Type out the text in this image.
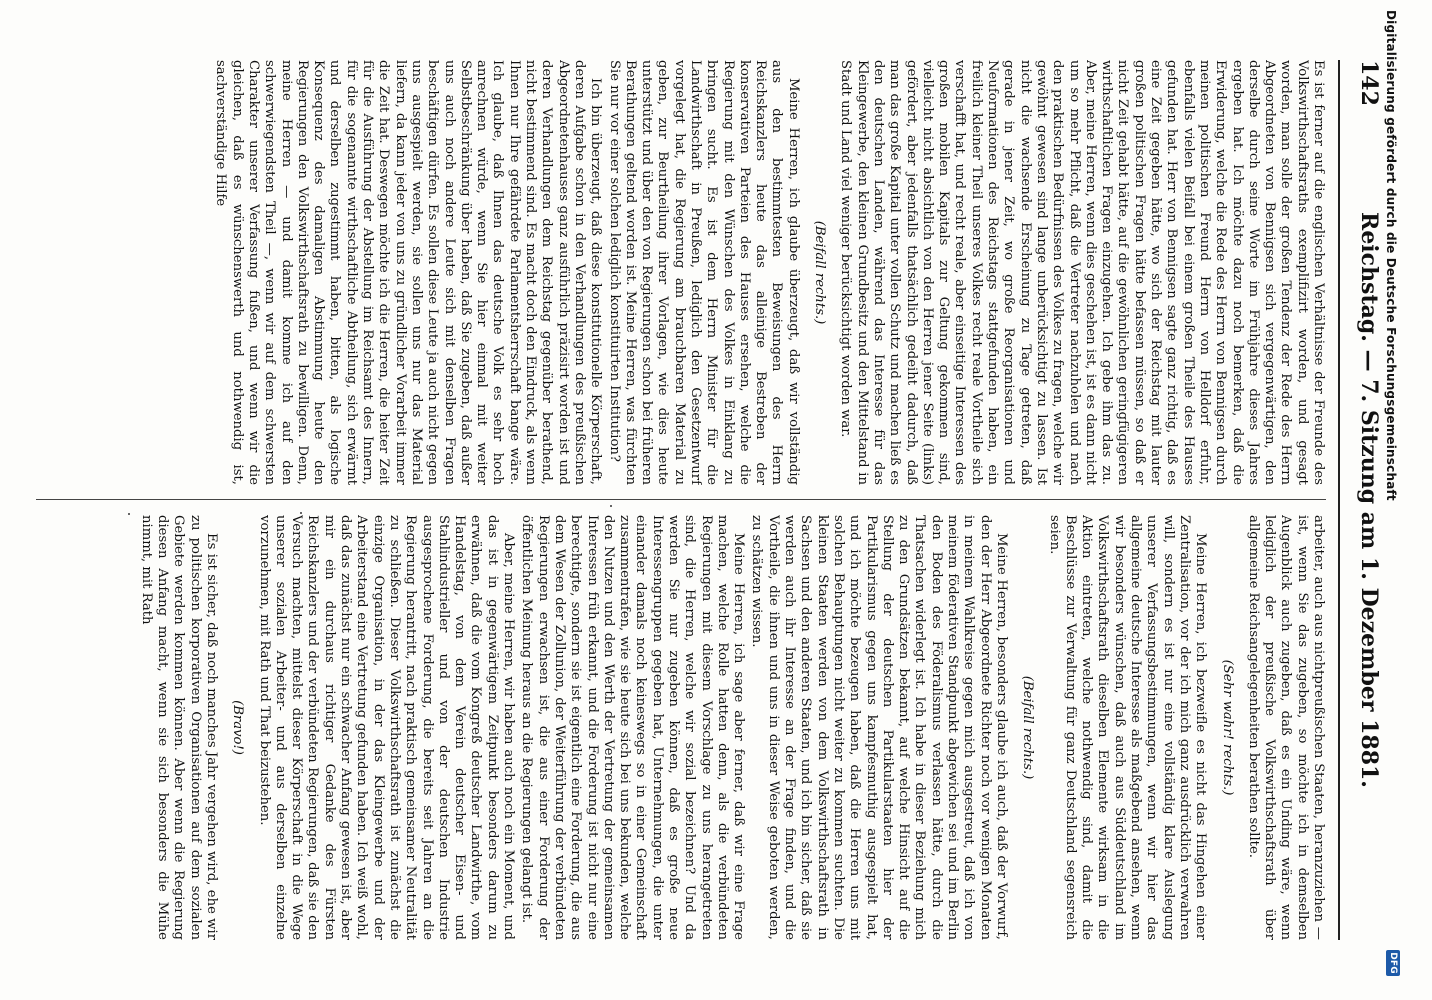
142
Reichstag. — 7. Sitzung am 1. Dezember 1881.

Es ist ferner auf die englischen Verhältnisse der Freunde des Volkswirthschaftsraths exemplifizirt worden, und gesagt worden, man solle der großen Tendenz der Rede des Herrn Abgeordneten von Bennigsen sich vergegenwärtigen, den derselbe durch seine Worte im Frühjahre dieses Jahres ergeben hat. Ich möchte dazu noch bemerken, daß die Erwiderung, welche die Rede des Herrn von Bennigsen durch meinen politischen Freund Herrn von Helldorf erfuhr, ebenfalls vielen Beifall bei einem großen Theile des Hauses gefunden hat. Herr von Bennigsen sagte ganz richtig, daß es eine Zeit gegeben hätte, wo sich der Reichstag mit lauter großen politischen Fragen hätte befassen müssen, so daß er nicht Zeit gehabt hätte, auf die gewöhnlichen geringfügigeren wirthschaftlichen Fragen einzugehen. Ich gebe ihm das zu. Aber, meine Herren, wenn dies geschehen ist, ist es dann nicht um so mehr Pflicht, daß die Vertreter nachzuholen und nach den praktischen Bedürfnissen des Volkes zu fragen, welche wir gewöhnt gewesen sind lange unberücksichtigt zu lassen. Ist nicht die wachsende Erscheinung zu Tage getreten, daß gerade in jener Zeit, wo große Reorganisationen und Neuformationen des Reichstags stattgefunden haben, ein freilich kleiner Theil unseres Volkes recht reale Vortheile sich verschafft hat, und recht reale, aber einseitige Interessen des großen mobilen Kapitals zur Geltung gekommen sind, vielleicht nicht absichtlich von den Herren jener Seite (links) gefördert, aber jedenfalls thatsächlich gedeiht dadurch, daß man das große Kapital unter vollen Schutz und machen ließ es den deutschen Landen, während das Interesse für das Kleingewerbe, den kleinen Grundbesitz und den Mittelstand in Stadt und Land viel weniger berücksichtigt worden war.

(Beifall rechts.)

Meine Herren, ich glaube überzeugt, daß wir vollständig aus den bestimmtesten Beweisungen des Herrn Reichskanzlers heute das alleinige Bestreben der konservativen Parteien des Hauses ersehen, welche die Regierung mit den Wünschen des Volkes in Einklang zu bringen sucht. Es ist dem Herrn Minister für die Landwirthschaft in Preußen, lediglich den Gesetzentwurf vorgelegt hat, die Regierung am brauchbaren Material zu geben, zur Beurtheilung ihrer Vorlagen, wie dies heute unterstützt und über den von Regierungen schon bei früheren Berathungen geltend worden ist. Meine Herren, was fürchten Sie nur vor einer solchen lediglich konstituirten Institution?

Ich bin überzeugt, daß diese konstitutionelle Körperschaft, deren Aufgabe schon in den Verhandlungen des preußischen Abgeordnetenhauses ganz ausführlich präzisirt worden ist und deren Verhandlungen dem Reichstag gegenüber berathend, nicht bestimmend sind. Es macht doch den Eindruck, als wenn Ihnen nur Ihre gefährdete Parlamentsherrschaft bange wäre. Ich glaube, daß Ihnen das deutsche Volk es sehr hoch anrechnen würde, wenn Sie hier einmal mit weiter Selbstbeschränkung über haben, daß Sie zugeben, daß außer uns auch noch andere Leute sich mit denselben Fragen beschäftigen dürfen. Es sollen diese Leute ja auch nicht gegen uns ausgespielt werden, sie sollen uns nur das Material liefern, da kann jeder von uns zu gründlicher Vorarbeit immer die Zeit hat. Deswegen möchte ich die Herren, die heiter Zeit für die Ausführung der Abstellung im Reichsamt des Innern, für die sogenannte wirthschaftliche Abtheilung, sich erwärmt und derselben zugestimmt haben, bitten, als logische Konsequenz des damaligen Abstimmung heute den Regierungen den Volkswirthschaftsrath zu bewilligen. Denn, meine Herren — und damit komme ich auf den schwerwiegendsten Theil —, wenn wir auf dem schwersten Charakter unserer Verfassung fußen, und wenn wir die gleichen, daß es wünschenswerth und nothwendig ist, sachverständige Hilfe

arbeiter, auch aus nichtpreußischen Staaten, heranzuziehen — ist, wenn Sie das zugeben, so möchte ich in demselben Augenblick auch zugeben, daß es ein Unding wäre, wenn lediglich der preußische Volkswirthschaftsrath über allgemeine Reichsangelegenheiten berathen sollte.

(Sehr wahr! rechts.)

Meine Herren, ich bezweifle es nicht das Hingehen einer Zentralisation, vor der ich mich ganz ausdrücklich verwahren will, sondern es ist nur eine vollständig klare Auslegung unserer Verfassungsbestimmungen, wenn wir hier das allgemeine deutsche Interesse als maßgebend ansehen, wenn wir besonders wünschen, daß auch aus Süddeutschland im Volkswirthschaftsrath dieselben Elemente wirksam in die Aktion eintreten, welche nothwendig sind, damit die Beschlüsse zur Verwaltung für ganz Deutschland segensreich seien.

(Beifall rechts.)

Meine Herren, besonders glaube ich auch, daß der Vorwurf, den der Herr Abgeordnete Richter noch vor wenigen Monaten in meinem Wahlkreise gegen mich ausgestreut, daß ich von meinem föderativen Standpunkt abgewichen sei und im Berlin den Boden des Föderalismus verlassen hätte, durch die Thatsachen widerlegt ist. Ich habe in dieser Beziehung mich zu den Grundsätzen bekannt, auf welche Hinsicht auf die Stellung der deutschen Partikularstaaten hier der Partikularismus gegen uns kampfesmuthig ausgespielt hat, und ich möchte bezeugen haben, daß die Herren uns mit solchen Behauptungen nicht weiter zu kommen suchten. Die kleinen Staaten werden von dem Volkswirthschaftsrath in Sachsen und den anderen Staaten, und ich bin sicher, daß sie werden auch ihr Interesse an der Frage finden, und die Vortheile, die ihnen und uns in dieser Weise geboten werden, zu schätzen wissen.

Meine Herren, ich sage aber ferner, daß wir eine Frage machen, welche Rolle hatten denn, als die verbündeten Regierungen mit diesem Vorschlage zu uns herangetreten sind, die Herren, welche wir sozial bezeichnen? Und da werden Sie nur zugeben können, daß es große neue Interessengruppen gegeben hat, Unternehmungen, die unter einander damals noch keineswegs so in einer Gemeinschaft zusammentrafen, wie sie heute sich bei uns bekunden, welche den Nutzen und den Werth der Vertretung der gemeinsamen Interessen früh erkannt, und die Forderung ist nicht nur eine berechtigte, sondern sie ist eigentlich eine Forderung, die aus dem Wesen der Zollunion, der Weiterführung der verbündeten Regierungen erwachsen ist, die aus einer Forderung der öffentlichen Meinung heraus an die Regierungen gelangt ist.

Aber, meine Herren, wir haben auch noch ein Moment, und das ist in gegenwärtigem Zeitpunkt besonders darum zu erwähnen, daß die vom Kongreß deutscher Landwirthe, vom Handelstag, von dem Verein deutscher Eisen- und Stahlindustrieller und von der deutschen Industrie ausgesprochene Forderung, die bereits seit Jahren an die Regierung herantritt, nach praktisch gemeinsamer Neutralität zu schließen. Dieser Volkswirthschaftsrath ist zunächst die einzige Organisation, in der das Kleingewerbe und der Arbeiterstand eine Vertretung gefunden haben. Ich weiß wohl, daß das zunächst nur ein schwacher Anfang gewesen ist, aber mir ein durchaus richtiger Gedanke des Fürsten Reichskanzlers und der verbündeten Regierungen, daß sie den Versuch machten, mittelst dieser Körperschaft in die Wege unserer sozialen Arbeiter- und aus derselben einzelne vorzunehmen, mit Rath und That beizustehen.

(Bravo!)

Es ist sicher, daß noch manches Jahr vergehen wird, ehe wir zu politischen korporativen Organisationen auf dem sozialen Gebiete werden kommen können. Aber wenn die Regierung diesen Anfang macht, wenn sie sich besonders die Mühe nimmt, mit Rath

Digitalisierung gefördert durch die Deutsche Forschungsgemeinschaft
DFG
